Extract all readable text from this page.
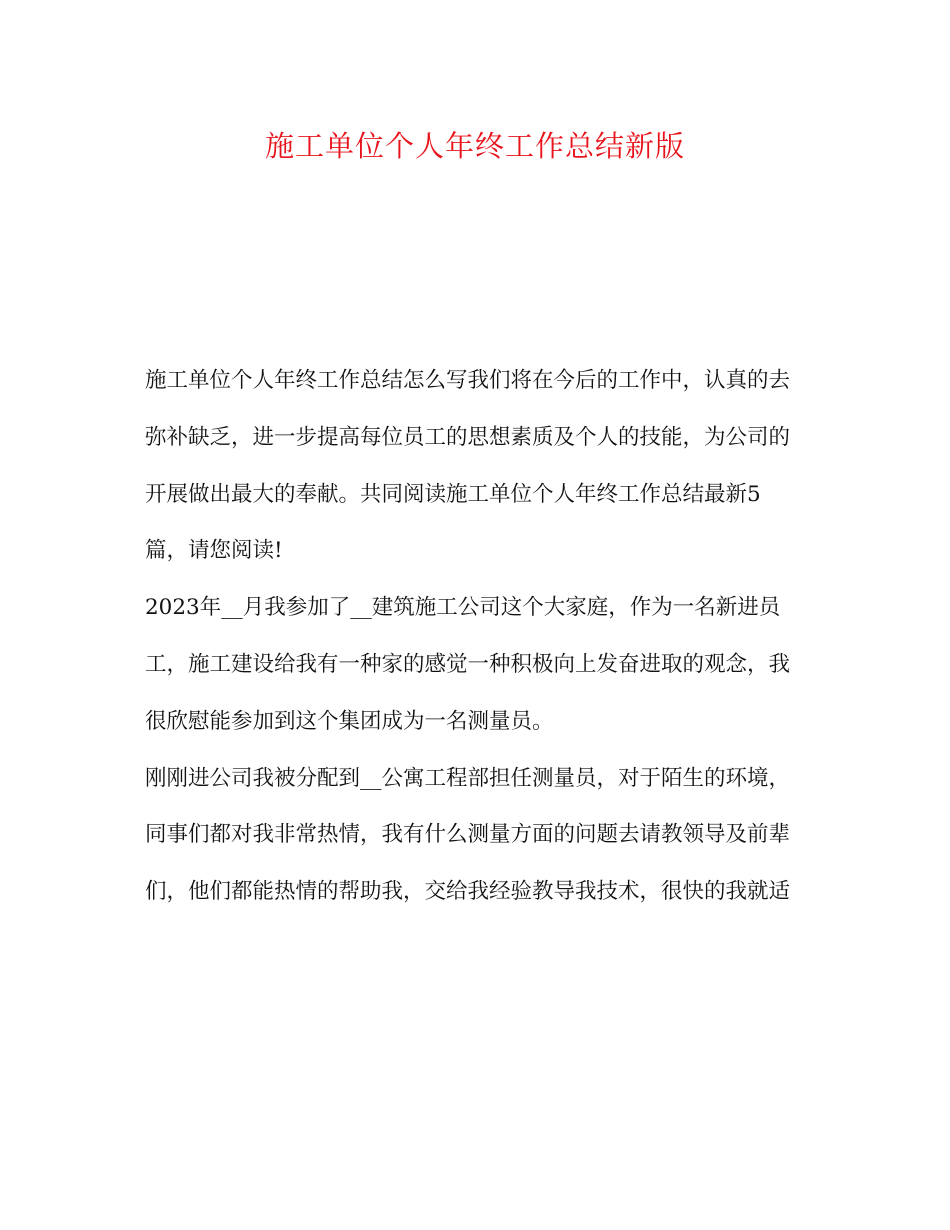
施工单位个人年终工作总结新版
施工单位个人年终工作总结怎么写我们将在今后的工作中，认真的去
弥补缺乏，进一步提高每位员工的思想素质及个人的技能，为公司的
开展做出最大的奉献。共同阅读施工单位个人年终工作总结最新5
篇，请您阅读!
2023年__月我参加了__建筑施工公司这个大家庭，作为一名新进员
工，施工建设给我有一种家的感觉一种积极向上发奋进取的观念，我
很欣慰能参加到这个集团成为一名测量员。
刚刚进公司我被分配到__公寓工程部担任测量员，对于陌生的环境，
同事们都对我非常热情，我有什么测量方面的问题去请教领导及前辈
们，他们都能热情的帮助我，交给我经验教导我技术，很快的我就适
